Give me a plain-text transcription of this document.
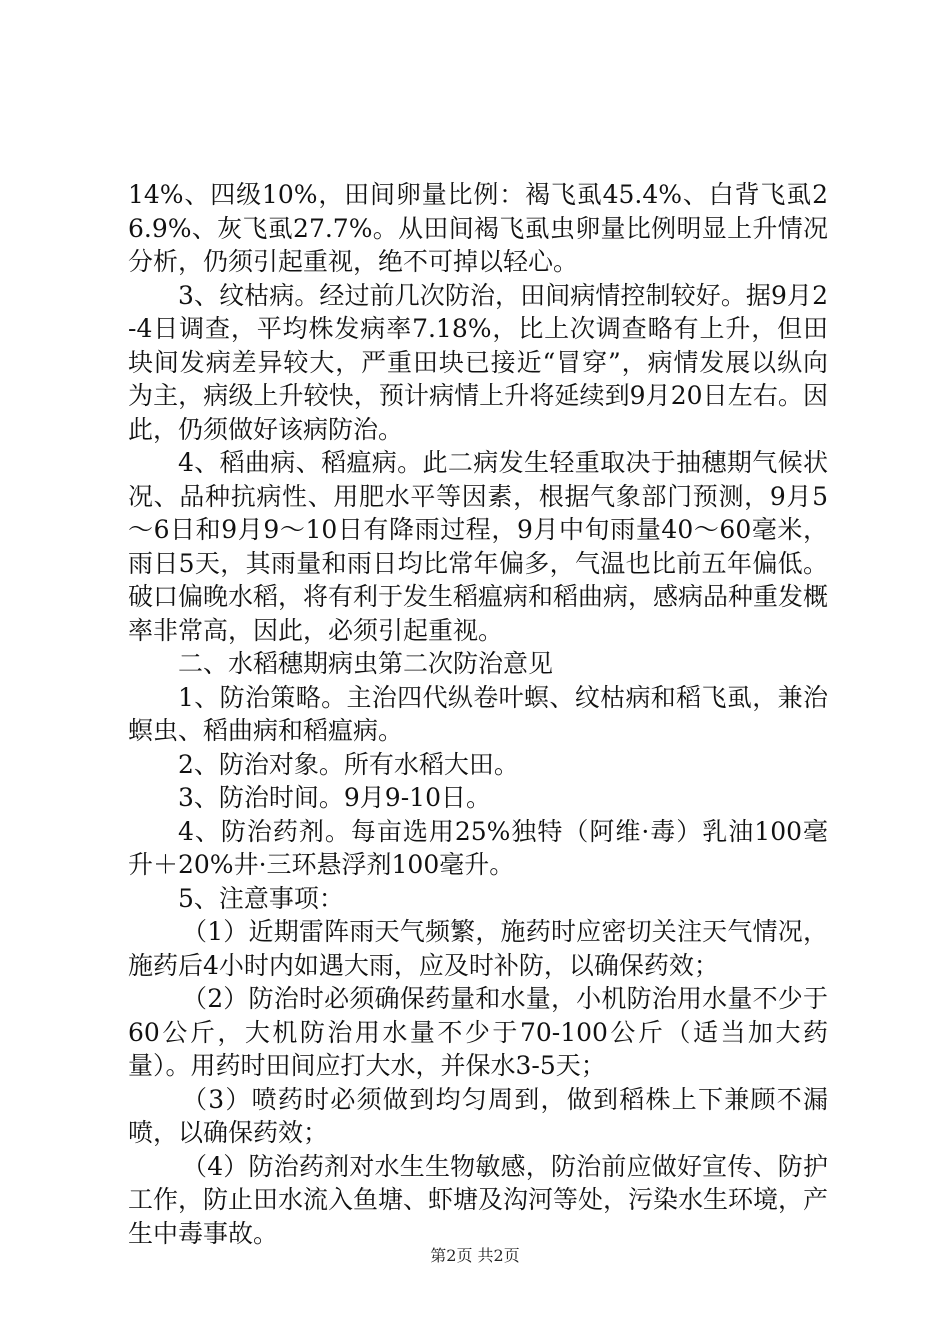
14%、四级10%，田间卵量比例：褐飞虱45.4%、白背飞虱26.9%、灰飞虱27.7%。从田间褐飞虱虫卵量比例明显上升情况分析，仍须引起重视，绝不可掉以轻心。

3、纹枯病。经过前几次防治，田间病情控制较好。据9月2-4日调查，平均株发病率7.18%，比上次调查略有上升，但田块间发病差异较大，严重田块已接近“冒穿”，病情发展以纵向为主，病级上升较快，预计病情上升将延续到9月20日左右。因此，仍须做好该病防治。

4、稻曲病、稻瘟病。此二病发生轻重取决于抽穗期气候状况、品种抗病性、用肥水平等因素，根据气象部门预测，9月5～6日和9月9～10日有降雨过程，9月中旬雨量40～60毫米，雨日5天，其雨量和雨日均比常年偏多，气温也比前五年偏低。破口偏晚水稻，将有利于发生稻瘟病和稻曲病，感病品种重发概率非常高，因此，必须引起重视。

二、水稻穗期病虫第二次防治意见

1、防治策略。主治四代纵卷叶螟、纹枯病和稻飞虱，兼治螟虫、稻曲病和稻瘟病。

2、防治对象。所有水稻大田。

3、防治时间。9月9-10日。

4、防治药剂。每亩选用25%独特（阿维·毒）乳油100毫升＋20%井·三环悬浮剂100毫升。

5、注意事项：

（1）近期雷阵雨天气频繁，施药时应密切关注天气情况，施药后4小时内如遇大雨，应及时补防，以确保药效；

（2）防治时必须确保药量和水量，小机防治用水量不少于60公斤，大机防治用水量不少于70-100公斤（适当加大药量）。用药时田间应打大水，并保水3-5天；

（3）喷药时必须做到均匀周到，做到稻株上下兼顾不漏喷，以确保药效；

（4）防治药剂对水生生物敏感，防治前应做好宣传、防护工作，防止田水流入鱼塘、虾塘及沟河等处，污染水生环境，产生中毒事故。

第2页 共2页
